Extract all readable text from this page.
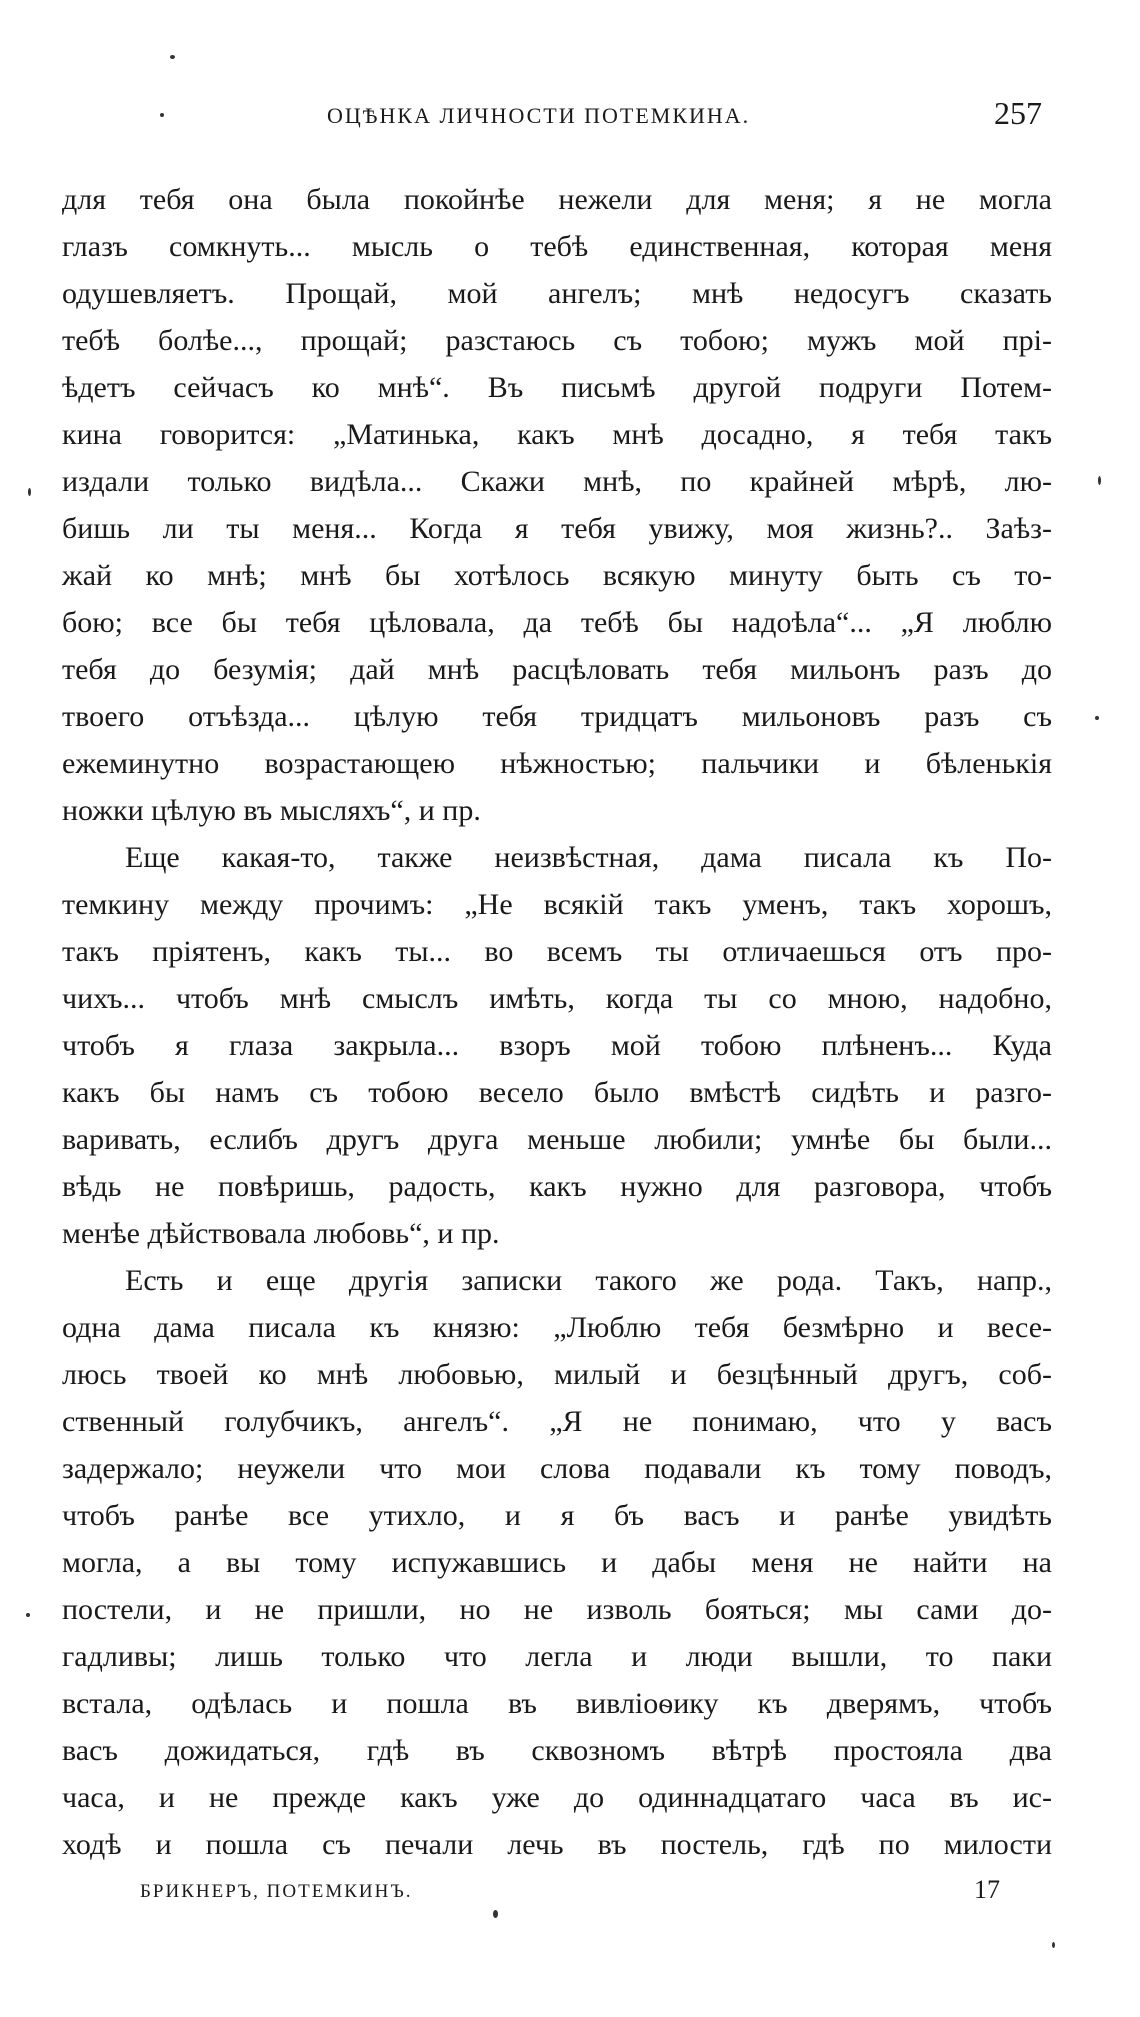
ОЦѢНКА ЛИЧНОСТИ ПОТЕМКИНА.	257
для тебя она была покойнѣе нежели для меня; я не могла
глазъ сомкнуть... мысль о тебѣ единственная, которая меня
одушевляетъ. Прощай, мой ангелъ; мнѣ недосугъ сказать
тебѣ болѣе..., прощай; разстаюсь съ тобою; мужъ мой прі-
ѣдетъ сейчасъ ко мнѣ“. Въ письмѣ другой подруги Потем-
кина говорится: „Матинька, какъ мнѣ досадно, я тебя такъ
издали только видѣла... Скажи мнѣ, по крайней мѣрѣ, лю-
бишь ли ты меня... Когда я тебя увижу, моя жизнь?.. Заѣз-
жай ко мнѣ; мнѣ бы хотѣлось всякую минуту быть съ то-
бою; все бы тебя цѣловала, да тебѣ бы надоѣла“... „Я люблю
тебя до безумія; дай мнѣ расцѣловать тебя мильонъ разъ до
твоего отъѣзда... цѣлую тебя тридцатъ мильоновъ разъ съ
ежеминутно возрастающею нѣжностью; пальчики и бѣленькія
ножки цѣлую въ мысляхъ“, и пр.
Еще какая-то, также неизвѣстная, дама писала къ По-
темкину между прочимъ: „Не всякій такъ уменъ, такъ хорошъ,
такъ пріятенъ, какъ ты... во всемъ ты отличаешься отъ про-
чихъ... чтобъ мнѣ смыслъ имѣть, когда ты со мною, надобно,
чтобъ я глаза закрыла... взоръ мой тобою плѣненъ... Куда
какъ бы намъ съ тобою весело было вмѣстѣ сидѣть и разго-
варивать, еслибъ другъ друга меньше любили; умнѣе бы были...
вѣдь не повѣришь, радость, какъ нужно для разговора, чтобъ
менѣе дѣйствовала любовь“, и пр.
Есть и еще другія записки такого же рода. Такъ, напр.,
одна дама писала къ князю: „Люблю тебя безмѣрно и весе-
люсь твоей ко мнѣ любовью, милый и безцѣнный другъ, соб-
ственный голубчикъ, ангелъ“. „Я не понимаю, что у васъ
задержало; неужели что мои слова подавали къ тому поводъ,
чтобъ ранѣе все утихло, и я бъ васъ и ранѣе увидѣть
могла, а вы тому испужавшись и дабы меня не найти на
постели, и не пришли, но не изволь бояться; мы сами до-
гадливы; лишь только что легла и люди вышли, то паки
встала, одѣлась и пошла въ вивліоѳику къ дверямъ, чтобъ
васъ дожидаться, гдѣ въ сквозномъ вѣтрѣ простояла два
часа, и не прежде какъ уже до одиннадцатаго часа въ ис-
ходѣ и пошла съ печали лечь въ постель, гдѣ по милости
БРИКНЕРЪ, ПОТЕМКИНЪ.	17
